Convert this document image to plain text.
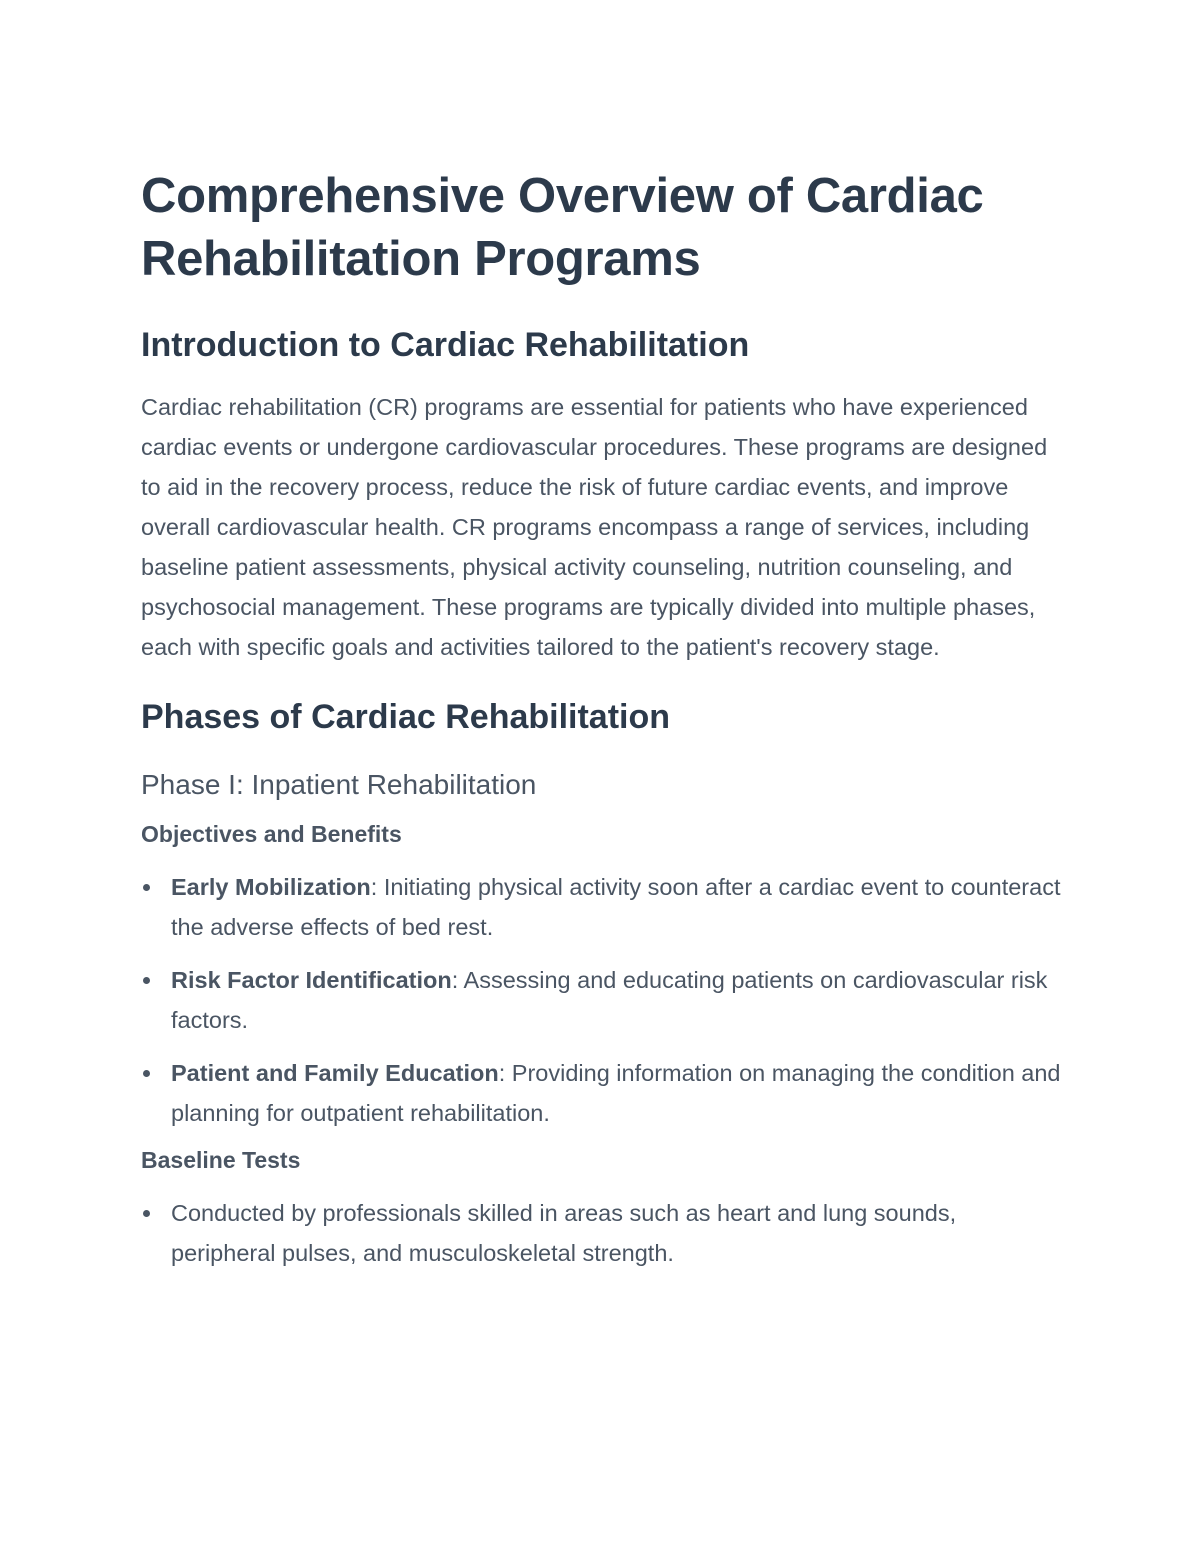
Comprehensive Overview of Cardiac Rehabilitation Programs
Introduction to Cardiac Rehabilitation

Cardiac rehabilitation (CR) programs are essential for patients who have experienced cardiac events or undergone cardiovascular procedures. These programs are designed to aid in the recovery process, reduce the risk of future cardiac events, and improve overall cardiovascular health. CR programs encompass a range of services, including baseline patient assessments, physical activity counseling, nutrition counseling, and psychosocial management. These programs are typically divided into multiple phases, each with specific goals and activities tailored to the patient's recovery stage.

Phases of Cardiac Rehabilitation
Phase I: Inpatient Rehabilitation
Objectives and Benefits
Early Mobilization: Initiating physical activity soon after a cardiac event to counteract the adverse effects of bed rest.
Risk Factor Identification: Assessing and educating patients on cardiovascular risk factors.
Patient and Family Education: Providing information on managing the condition and planning for outpatient rehabilitation.
Baseline Tests
Conducted by professionals skilled in areas such as heart and lung sounds, peripheral pulses, and musculoskeletal strength.
